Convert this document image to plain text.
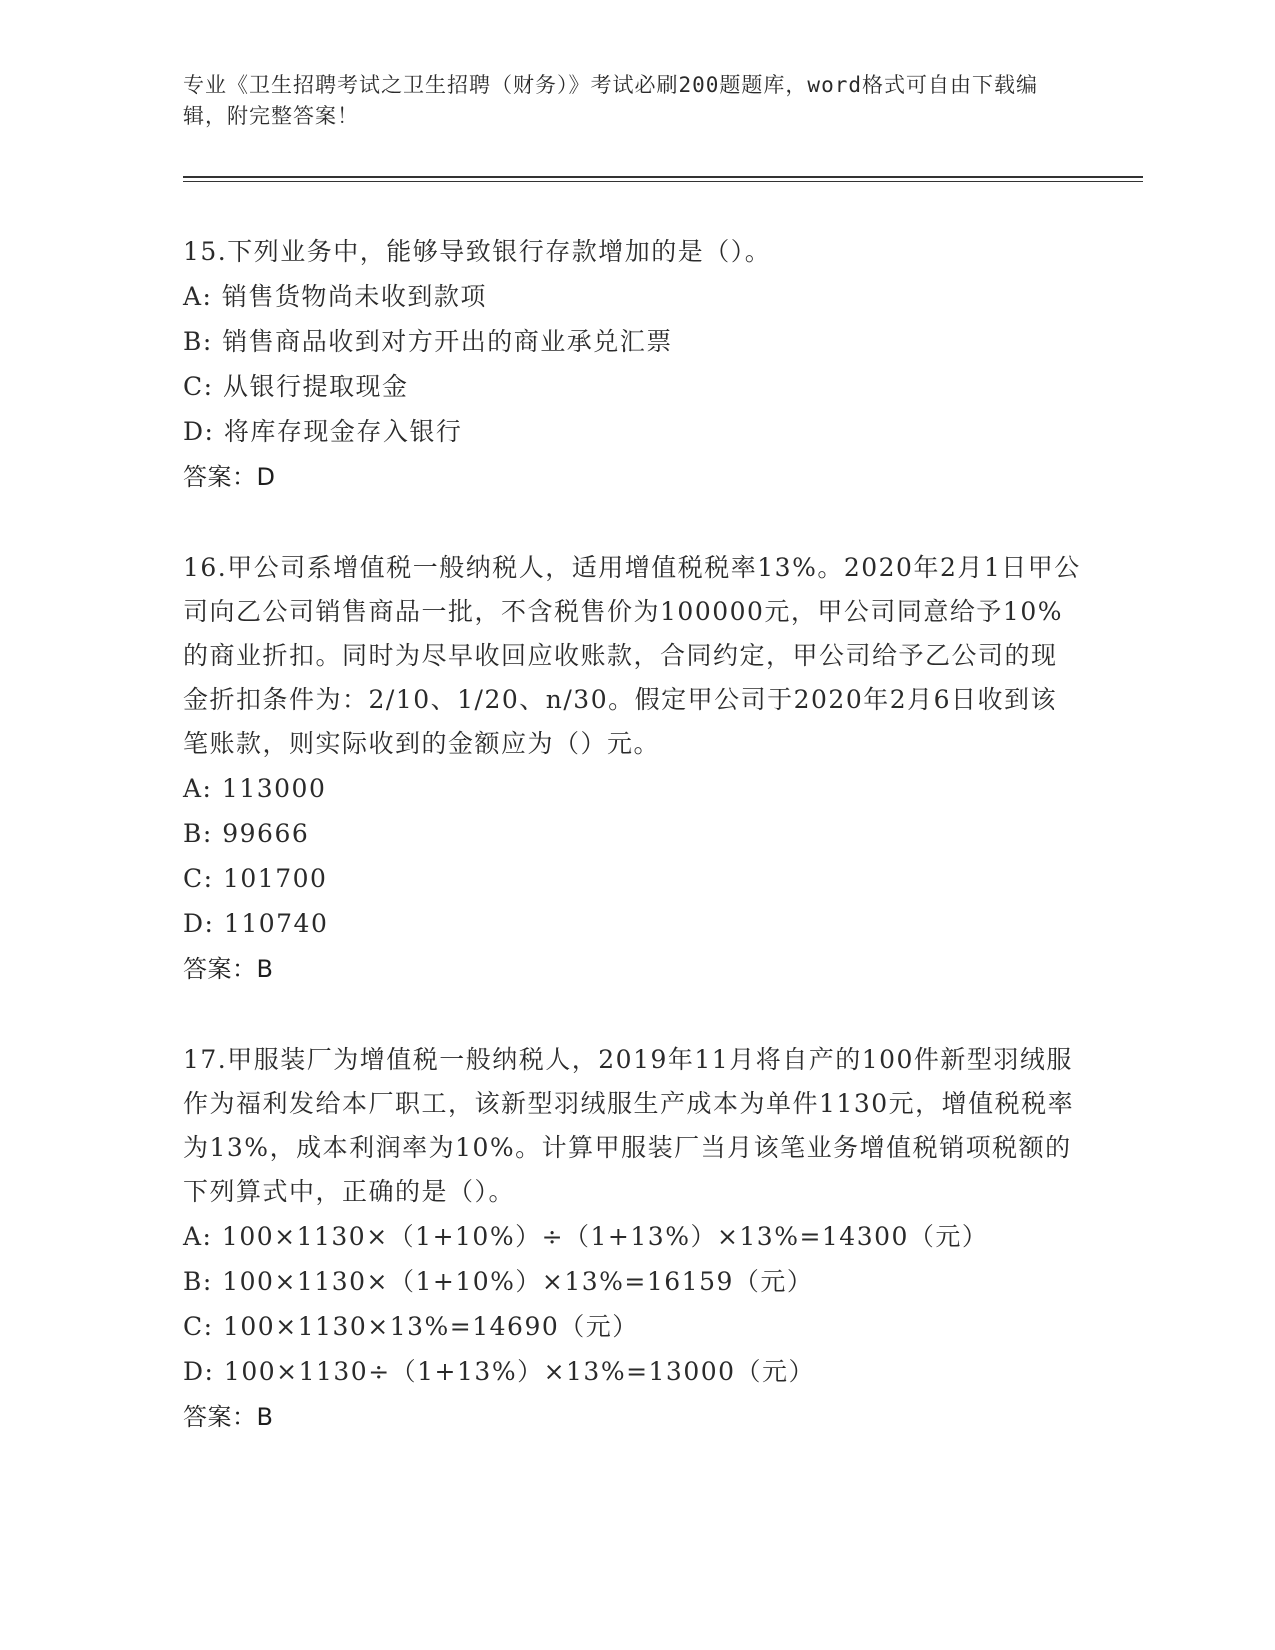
专业《卫生招聘考试之卫生招聘（财务）》考试必刷200题题库，word格式可自由下载编辑，附完整答案！

15.下列业务中，能够导致银行存款增加的是（）。

A: 销售货物尚未收到款项

B: 销售商品收到对方开出的商业承兑汇票

C: 从银行提取现金

D: 将库存现金存入银行

答案：D

16.甲公司系增值税一般纳税人，适用增值税税率13%。2020年2月1日甲公司向乙公司销售商品一批，不含税售价为100000元，甲公司同意给予10%的商业折扣。同时为尽早收回应收账款，合同约定，甲公司给予乙公司的现金折扣条件为：2/10、1/20、n/30。假定甲公司于2020年2月6日收到该笔账款，则实际收到的金额应为（）元。

A: 113000

B: 99666

C: 101700

D: 110740

答案：B

17.甲服装厂为增值税一般纳税人，2019年11月将自产的100件新型羽绒服作为福利发给本厂职工，该新型羽绒服生产成本为单件1130元，增值税税率为13%，成本利润率为10%。计算甲服装厂当月该笔业务增值税销项税额的下列算式中，正确的是（）。

A: 100×1130×（1+10%）÷（1+13%）×13%=14300（元）

B: 100×1130×（1+10%）×13%=16159（元）

C: 100×1130×13%=14690（元）

D: 100×1130÷（1+13%）×13%=13000（元）

答案：B
